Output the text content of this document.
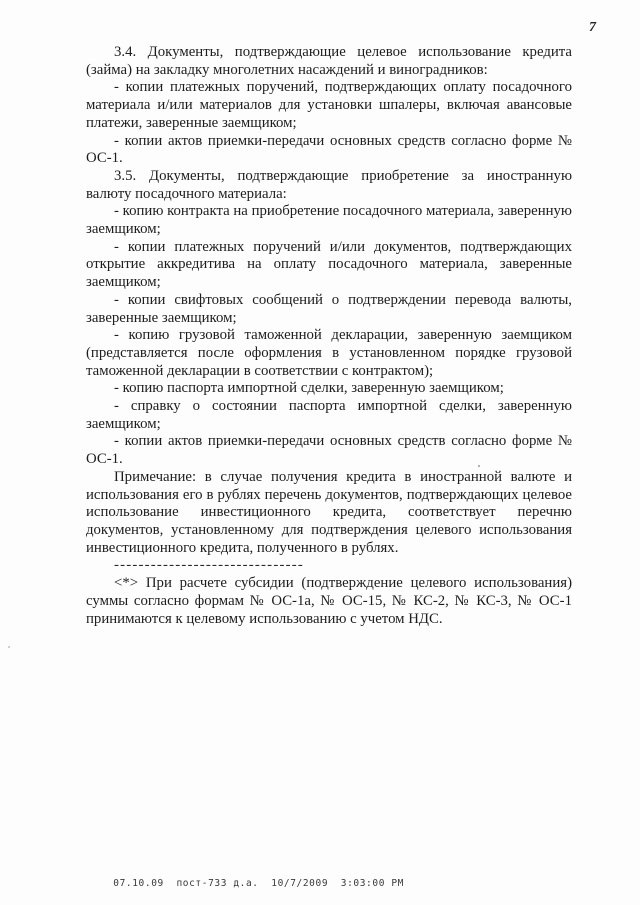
7

3.4. Документы, подтверждающие целевое использование кредита (займа) на закладку многолетних насаждений и виноградников:

- копии платежных поручений, подтверждающих оплату посадочного материала и/или материалов для установки шпалеры, включая авансовые платежи, заверенные заемщиком;

- копии актов приемки-передачи основных средств согласно форме № ОС-1.

3.5. Документы, подтверждающие приобретение за иностранную валюту посадочного материала:

- копию контракта на приобретение посадочного материала, заверенную заемщиком;

- копии платежных поручений и/или документов, подтверждающих открытие аккредитива на оплату посадочного материала, заверенные заемщиком;

- копии свифтовых сообщений о подтверждении перевода валюты, заверенные заемщиком;

- копию грузовой таможенной декларации, заверенную заемщиком (представляется после оформления в установленном порядке грузовой таможенной декларации в соответствии с контрактом);

- копию паспорта импортной сделки, заверенную заемщиком;

- справку о состоянии паспорта импортной сделки, заверенную заемщиком;

- копии актов приемки-передачи основных средств согласно форме № ОС-1.

Примечание: в случае получения кредита в иностранной валюте и использования его в рублях перечень документов, подтверждающих целевое использование инвестиционного кредита, соответствует перечню документов, установленному для подтверждения целевого использования инвестиционного кредита, полученного в рублях.

-------------------------------

<*> При расчете субсидии (подтверждение целевого использования) суммы согласно формам № ОС-1а, № ОС-15, № КС-2, № КС-3, № ОС-1 принимаются к целевому использованию с учетом НДС.

07.10.09  пост-733 д.а.  10/7/2009  3:03:00 PM
